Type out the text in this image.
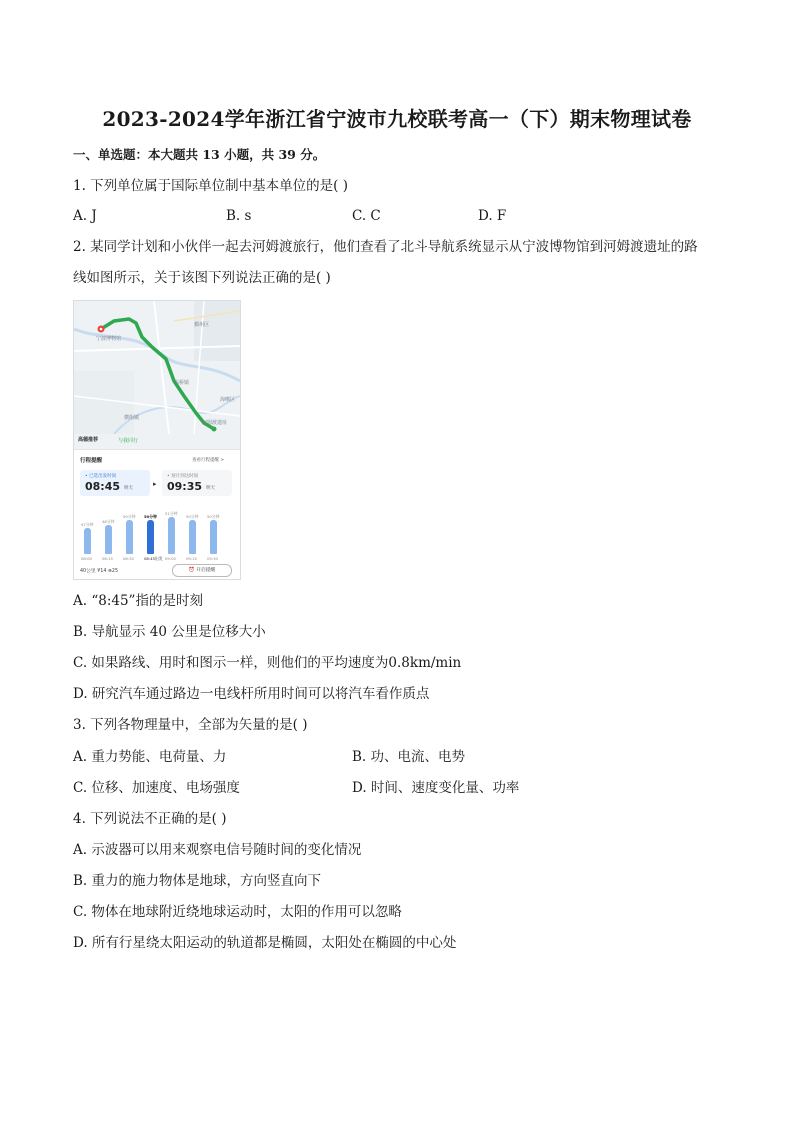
2023-2024学年浙江省宁波市九校联考高一（下）期末物理试卷
一、单选题：本大题共 13 小题，共 39 分。
1. 下列单位属于国际单位制中基本单位的是( )
A. J	B. s	C. C	D. F
2. 某同学计划和小伙伴一起去河姆渡旅行，他们查看了北斗导航系统显示从宁波博物馆到河姆渡遗址的路
线如图所示，关于该图下列说法正确的是( )
宁波博物馆
高桥镇
横街镇
海曙区
鄞州区
河姆渡遗址
高德推荐	与我同行
行程提醒	查看行程提醒 >
• 已选出发时间
08:45 明天
▸
• 预计到达时间
09:35 明天
47分钟
08:00
48分钟
08:15
50分钟
08:30
50分钟
08:45出发
51分钟
09:00
50分钟
09:15
50分钟
09:30
40公里 ¥14 ⊕25	⏰ 开启提醒
A. “8:45”指的是时刻
B. 导航显示 40 公里是位移大小
C. 如果路线、用时和图示一样，则他们的平均速度为0.8km/min
D. 研究汽车通过路边一电线杆所用时间可以将汽车看作质点
3. 下列各物理量中，全部为矢量的是( )
A. 重力势能、电荷量、力	B. 功、电流、电势
C. 位移、加速度、电场强度	D. 时间、速度变化量、功率
4. 下列说法不正确的是( )
A. 示波器可以用来观察电信号随时间的变化情况
B. 重力的施力物体是地球，方向竖直向下
C. 物体在地球附近绕地球运动时，太阳的作用可以忽略
D. 所有行星绕太阳运动的轨道都是椭圆，太阳处在椭圆的中心处
